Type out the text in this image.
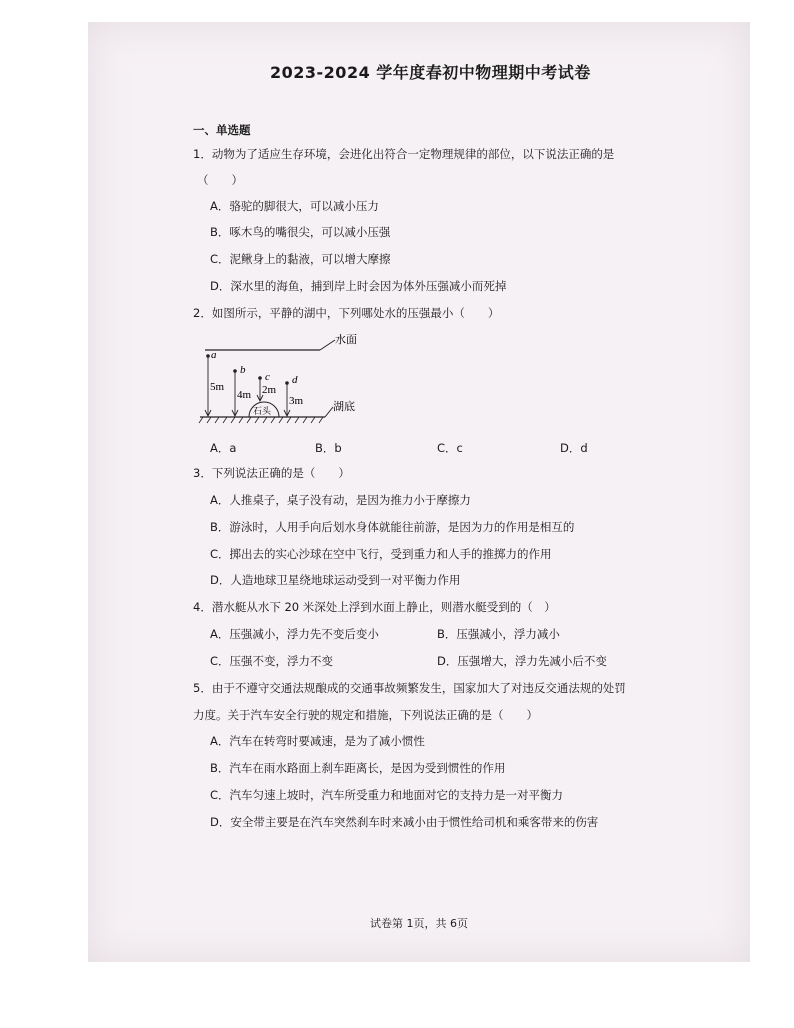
2023-2024 学年度春初中物理期中考试卷
一、单选题
1．动物为了适应生存环境，会进化出符合一定物理规律的部位，以下说法正确的是
（　　）
A．骆驼的脚很大，可以减小压力
B．啄木鸟的嘴很尖，可以减小压强
C．泥鳅身上的黏液，可以增大摩擦
D．深水里的海鱼，捕到岸上时会因为体外压强减小而死掉
2．如图所示，平静的湖中，下列哪处水的压强最小（　　）
水面
湖底
石头
a
5m
b
4m
c
2m
d
3m
A．a	B．b	C．c	D．d
3．下列说法正确的是（　　）
A．人推桌子，桌子没有动，是因为推力小于摩擦力
B．游泳时，人用手向后划水身体就能往前游，是因为力的作用是相互的
C．掷出去的实心沙球在空中飞行，受到重力和人手的推掷力的作用
D．人造地球卫星绕地球运动受到一对平衡力作用
4．潜水艇从水下 20 米深处上浮到水面上静止，则潜水艇受到的（　）
A．压强减小，浮力先不变后变小	B．压强减小，浮力减小
C．压强不变，浮力不变	D．压强增大，浮力先减小后不变
5．由于不遵守交通法规酿成的交通事故频繁发生，国家加大了对违反交通法规的处罚
力度。关于汽车安全行驶的规定和措施，下列说法正确的是（　　）
A．汽车在转弯时要减速，是为了减小惯性
B．汽车在雨水路面上刹车距离长，是因为受到惯性的作用
C．汽车匀速上坡时，汽车所受重力和地面对它的支持力是一对平衡力
D．安全带主要是在汽车突然刹车时来减小由于惯性给司机和乘客带来的伤害
试卷第 1页，共 6页
